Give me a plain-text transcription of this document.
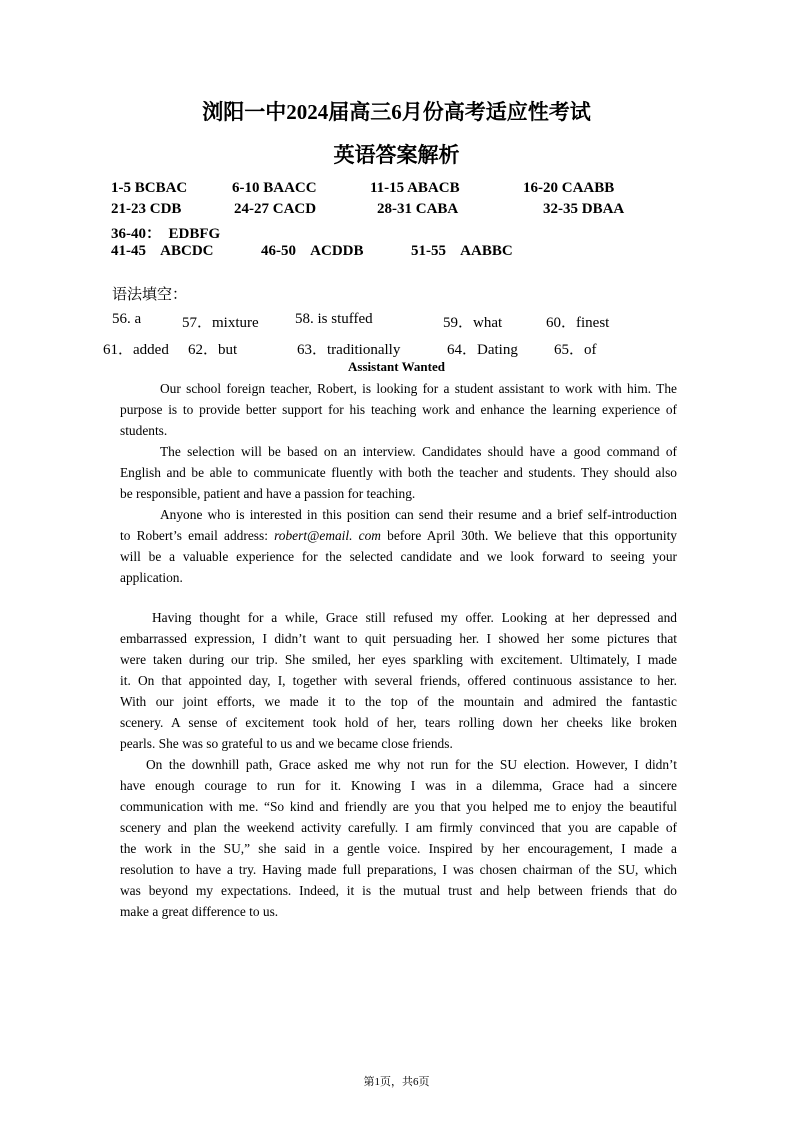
浏阳一中2024届高三6月份高考适应性考试
英语答案解析
1-5 BCBAC	6-10 BAACC	11-15 ABACB	16-20 CAABB
21-23 CDB	24-27 CACD	28-31 CABA	32-35 DBAA
36-40：  EDBFG
41-45    ABCDC	46-50    ACDDB	51-55    AABBC
语法填空：
56. a	57．mixture 58. is stuffed	59．what	60．finest
61．added 62．but	63．traditionally	64．Dating 65．of
Assistant Wanted
Our school foreign teacher, Robert, is looking for a student assistant to work with him. The
purpose is to provide better support for his teaching work and enhance the learning experience of
students.
The selection will be based on an interview. Candidates should have a good command of
English and be able to communicate fluently with both the teacher and students. They should also
be responsible, patient and have a passion for teaching.
Anyone who is interested in this position can send their resume and a brief self-introduction
to Robert’s email address: robert@email. com before April 30th. We believe that this opportunity
will be a valuable experience for the selected candidate and we look forward to seeing your
application.
Having thought for a while, Grace still refused my offer. Looking at her depressed and
embarrassed expression, I didn’t want to quit persuading her. I showed her some pictures that
were taken during our trip. She smiled, her eyes sparkling with excitement. Ultimately, I made
it. On that appointed day, I, together with several friends, offered continuous assistance to her.
With our joint efforts, we made it to the top of the mountain and admired the fantastic
scenery. A sense of excitement took hold of her, tears rolling down her cheeks like broken
pearls. She was so grateful to us and we became close friends.
On the downhill path, Grace asked me why not run for the SU election. However, I didn’t
have enough courage to run for it. Knowing I was in a dilemma, Grace had a sincere
communication with me. “So kind and friendly are you that you helped me to enjoy the beautiful
scenery and plan the weekend activity carefully. I am firmly convinced that you are capable of
the work in the SU,” she said in a gentle voice. Inspired by her encouragement, I made a
resolution to have a try. Having made full preparations, I was chosen chairman of the SU, which
was beyond my expectations. Indeed, it is the mutual trust and help between friends that do
make a great difference to us.
第1页，共6页
